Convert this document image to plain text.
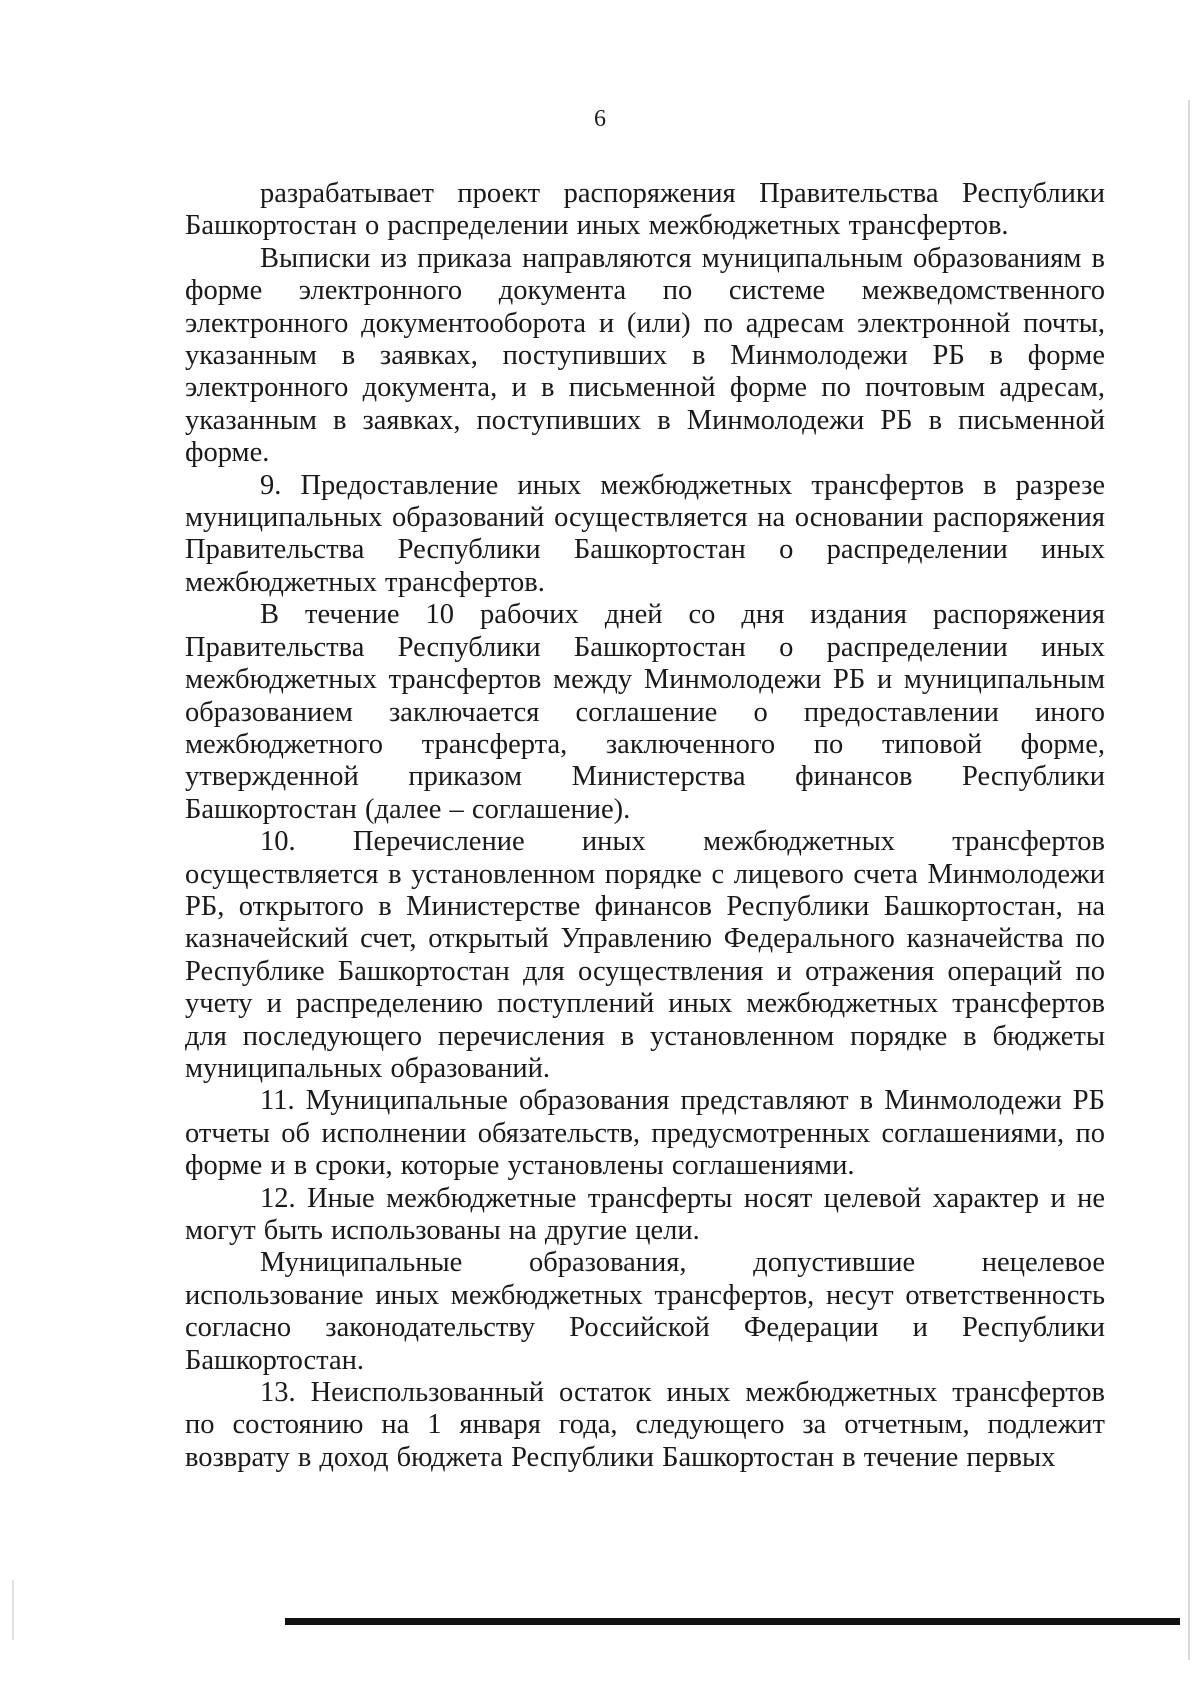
6

разрабатывает проект распоряжения Правительства Республики Башкортостан о распределении иных межбюджетных трансфертов.

Выписки из приказа направляются муниципальным образованиям в форме электронного документа по системе межведомственного электронного документооборота и (или) по адресам электронной почты, указанным в заявках, поступивших в Минмолодежи РБ в форме электронного документа, и в письменной форме по почтовым адресам, указанным в заявках, поступивших в Минмолодежи РБ в письменной форме.

9. Предоставление иных межбюджетных трансфертов в разрезе муниципальных образований осуществляется на основании распоряжения Правительства Республики Башкортостан о распределении иных межбюджетных трансфертов.

В течение 10 рабочих дней со дня издания распоряжения Правительства Республики Башкортостан о распределении иных межбюджетных трансфертов между Минмолодежи РБ и муниципальным образованием заключается соглашение о предоставлении иного межбюджетного трансферта, заключенного по типовой форме, утвержденной приказом Министерства финансов Республики Башкортостан (далее – соглашение).

10. Перечисление иных межбюджетных трансфертов осуществляется в установленном порядке с лицевого счета Минмолодежи РБ, открытого в Министерстве финансов Республики Башкортостан, на казначейский счет, открытый Управлению Федерального казначейства по Республике Башкортостан для осуществления и отражения операций по учету и распределению поступлений иных межбюджетных трансфертов для последующего перечисления в установленном порядке в бюджеты муниципальных образований.

11. Муниципальные образования представляют в Минмолодежи РБ отчеты об исполнении обязательств, предусмотренных соглашениями, по форме и в сроки, которые установлены соглашениями.

12. Иные межбюджетные трансферты носят целевой характер и не могут быть использованы на другие цели.

Муниципальные образования, допустившие нецелевое использование иных межбюджетных трансфертов, несут ответственность согласно законодательству Российской Федерации и Республики Башкортостан.

13. Неиспользованный остаток иных межбюджетных трансфертов по состоянию на 1 января года, следующего за отчетным, подлежит возврату в доход бюджета Республики Башкортостан в течение первых
